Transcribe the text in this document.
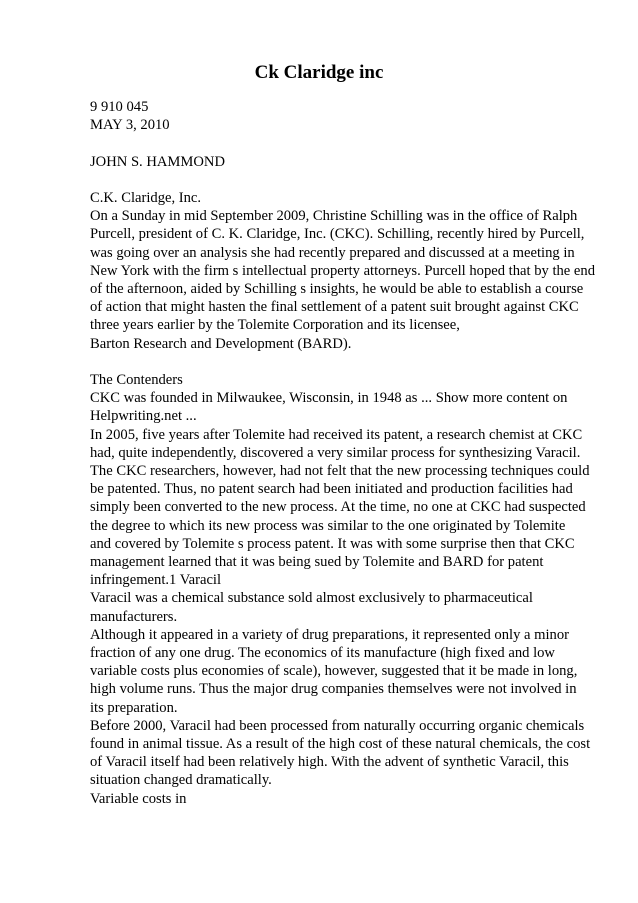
Ck Claridge inc

9 910 045

MAY 3, 2010

JOHN S. HAMMOND

C.K. Claridge, Inc.

On a Sunday in mid September 2009, Christine Schilling was in the office of Ralph

Purcell, president of C. K. Claridge, Inc. (CKC). Schilling, recently hired by Purcell,

was going over an analysis she had recently prepared and discussed at a meeting in

New York with the firm s intellectual property attorneys. Purcell hoped that by the end

of the afternoon, aided by Schilling s insights, he would be able to establish a course

of action that might hasten the final settlement of a patent suit brought against CKC

three years earlier by the Tolemite Corporation and its licensee,

Barton Research and Development (BARD).

The Contenders

CKC was founded in Milwaukee, Wisconsin, in 1948 as ... Show more content on

Helpwriting.net ...

In 2005, five years after Tolemite had received its patent, a research chemist at CKC

had, quite independently, discovered a very similar process for synthesizing Varacil.

The CKC researchers, however, had not felt that the new processing techniques could

be patented. Thus, no patent search had been initiated and production facilities had

simply been converted to the new process. At the time, no one at CKC had suspected

the degree to which its new process was similar to the one originated by Tolemite

and covered by Tolemite s process patent. It was with some surprise then that CKC

management learned that it was being sued by Tolemite and BARD for patent

infringement.1 Varacil

Varacil was a chemical substance sold almost exclusively to pharmaceutical

manufacturers.

Although it appeared in a variety of drug preparations, it represented only a minor

fraction of any one drug. The economics of its manufacture (high fixed and low

variable costs plus economies of scale), however, suggested that it be made in long,

high volume runs. Thus the major drug companies themselves were not involved in

its preparation.

Before 2000, Varacil had been processed from naturally occurring organic chemicals

found in animal tissue. As a result of the high cost of these natural chemicals, the cost

of Varacil itself had been relatively high. With the advent of synthetic Varacil, this

situation changed dramatically.

Variable costs in
